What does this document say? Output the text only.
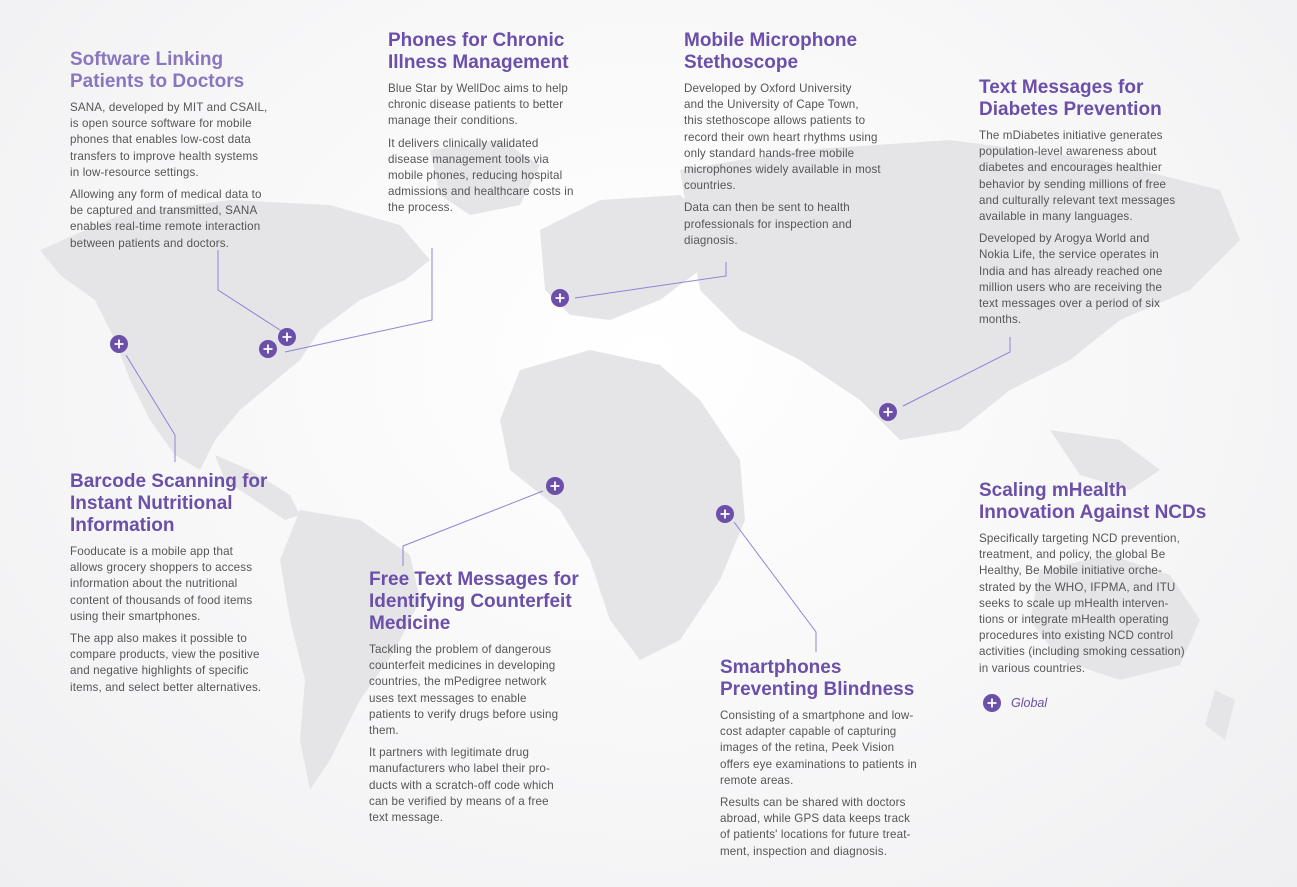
Software Linking
Patients to Doctors

SANA, developed by MIT and CSAIL,
is open source software for mobile
phones that enables low-cost data
transfers to improve health systems
in low-resource settings.

Allowing any form of medical data to
be captured and transmitted, SANA
enables real-time remote interaction
between patients and doctors.

Phones for Chronic
Illness Management

Blue Star by WellDoc aims to help
chronic disease patients to better
manage their conditions.

It delivers clinically validated
disease management tools via
mobile phones, reducing hospital
admissions and healthcare costs in
the process.

Mobile Microphone
Stethoscope

Developed by Oxford University
and the University of Cape Town,
this stethoscope allows patients to
record their own heart rhythms using
only standard hands-free mobile
microphones widely available in most
countries.

Data can then be sent to health
professionals for inspection and
diagnosis.

Text Messages for
Diabetes Prevention

The mDiabetes initiative generates
population-level awareness about
diabetes and encourages healthier
behavior by sending millions of free
and culturally relevant text messages
available in many languages.

Developed by Arogya World and
Nokia Life, the service operates in
India and has already reached one
million users who are receiving the
text messages over a period of six
months.

Barcode Scanning for
Instant Nutritional
Information

Fooducate is a mobile app that
allows grocery shoppers to access
information about the nutritional
content of thousands of food items
using their smartphones.

The app also makes it possible to
compare products, view the positive
and negative highlights of specific
items, and select better alternatives.

Free Text Messages for
Identifying Counterfeit
Medicine

Tackling the problem of dangerous
counterfeit medicines in developing
countries, the mPedigree network
uses text messages to enable
patients to verify drugs before using
them.

It partners with legitimate drug
manufacturers who label their pro-
ducts with a scratch-off code which
can be verified by means of a free
text message.

Smartphones
Preventing Blindness

Consisting of a smartphone and low-
cost adapter capable of capturing
images of the retina, Peek Vision
offers eye examinations to patients in
remote areas.

Results can be shared with doctors
abroad, while GPS data keeps track
of patients' locations for future treat-
ment, inspection and diagnosis.

Scaling mHealth
Innovation Against NCDs

Specifically targeting NCD prevention,
treatment, and policy, the global Be
Healthy, Be Mobile initiative orche-
strated by the WHO, IFPMA, and ITU
seeks to scale up mHealth interven-
tions or integrate mHealth operating
procedures into existing NCD control
activities (including smoking cessation)
in various countries.

Global
